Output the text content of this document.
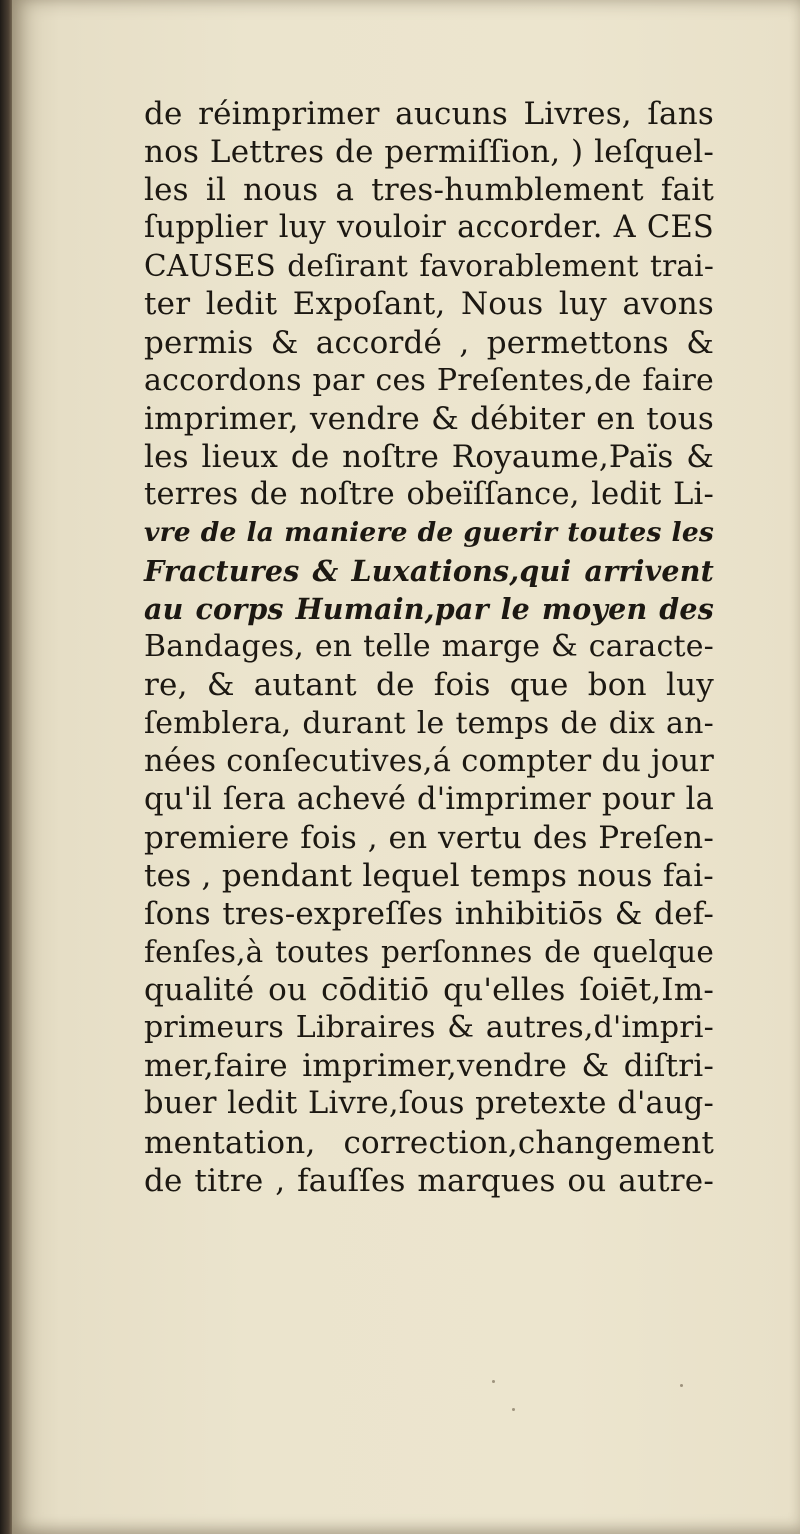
de réimprimer aucuns Livres, ſans
nos Lettres de permiſſion, ) leſquel-
les il nous a tres-humblement fait
ſupplier luy vouloir accorder. A CES
CAUSES deſirant favorablement trai-
ter ledit Expoſant, Nous luy avons
permis & accordé , permettons &
accordons par ces Preſentes,de faire
imprimer, vendre & débiter en tous
les lieux de noſtre Royaume,Païs &
terres de noſtre obeïſſance, ledit Li-
vre de la maniere de guerir toutes les
Fractures & Luxations,qui arrivent
au corps Humain,par le moyen des
Bandages, en telle marge & caracte-
re, & autant de fois que bon luy
ſemblera, durant le temps de dix an-
nées conſecutives,á compter du jour
qu'il ſera achevé d'imprimer pour la
premiere fois , en vertu des Preſen-
tes , pendant lequel temps nous fai-
ſons tres-expreſſes inhibitiōs & def-
fenſes,à toutes perſonnes de quelque
qualité ou cōditiō qu'elles ſoiēt,Im-
primeurs Libraires & autres,d'impri-
mer,faire imprimer,vendre & diſtri-
buer ledit Livre,ſous pretexte d'aug-
mentation, correction,changement
de titre , fauſſes marques ou autre-
